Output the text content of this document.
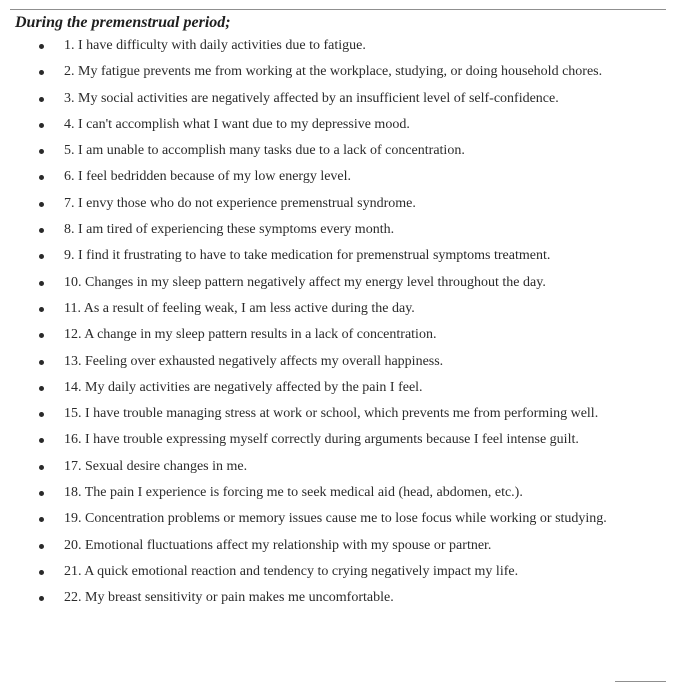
During the premenstrual period;
1. I have difficulty with daily activities due to fatigue.
2. My fatigue prevents me from working at the workplace, studying, or doing household chores.
3. My social activities are negatively affected by an insufficient level of self-confidence.
4. I can't accomplish what I want due to my depressive mood.
5. I am unable to accomplish many tasks due to a lack of concentration.
6. I feel bedridden because of my low energy level.
7. I envy those who do not experience premenstrual syndrome.
8. I am tired of experiencing these symptoms every month.
9. I find it frustrating to have to take medication for premenstrual symptoms treatment.
10. Changes in my sleep pattern negatively affect my energy level throughout the day.
11. As a result of feeling weak, I am less active during the day.
12. A change in my sleep pattern results in a lack of concentration.
13. Feeling over exhausted negatively affects my overall happiness.
14. My daily activities are negatively affected by the pain I feel.
15. I have trouble managing stress at work or school, which prevents me from performing well.
16. I have trouble expressing myself correctly during arguments because I feel intense guilt.
17. Sexual desire changes in me.
18. The pain I experience is forcing me to seek medical aid (head, abdomen, etc.).
19. Concentration problems or memory issues cause me to lose focus while working or studying.
20. Emotional fluctuations affect my relationship with my spouse or partner.
21. A quick emotional reaction and tendency to crying negatively impact my life.
22. My breast sensitivity or pain makes me uncomfortable.
